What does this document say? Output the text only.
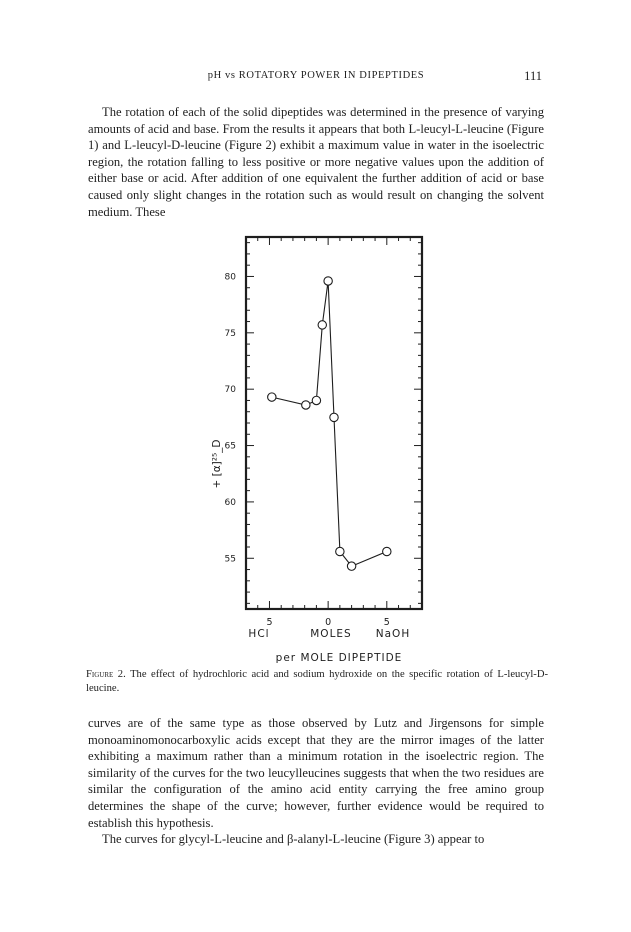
pH vs ROTATORY POWER IN DIPEPTIDES	111

The rotation of each of the solid dipeptides was determined in the presence of varying amounts of acid and base. From the results it appears that both L-leucyl-L-leucine (Figure 1) and L-leucyl-D-leucine (Figure 2) exhibit a maximum value in water in the isoelectric region, the rotation falling to less positive or more negative values upon the addition of either base or acid. After addition of one equivalent the further addition of acid or base caused only slight changes in the rotation such as would result on changing the solvent medium. These

80
75
70
65
60
55
5	0	5
+ [α]²⁵_D
HCl	MOLES NaOH
per MOLE DIPEPTIDE
Figure 2. The effect of hydrochloric acid and sodium hydroxide on the specific rotation of L-leucyl-D-leucine.

curves are of the same type as those observed by Lutz and Jirgensons for simple monoaminomonocarboxylic acids except that they are the mirror images of the latter exhibiting a maximum rather than a minimum rotation in the isoelectric region. The similarity of the curves for the two leucylleucines suggests that when the two residues are similar the configuration of the amino acid entity carrying the free amino group determines the shape of the curve; however, further evidence would be required to establish this hypothesis.

The curves for glycyl-L-leucine and β-alanyl-L-leucine (Figure 3) appear to
